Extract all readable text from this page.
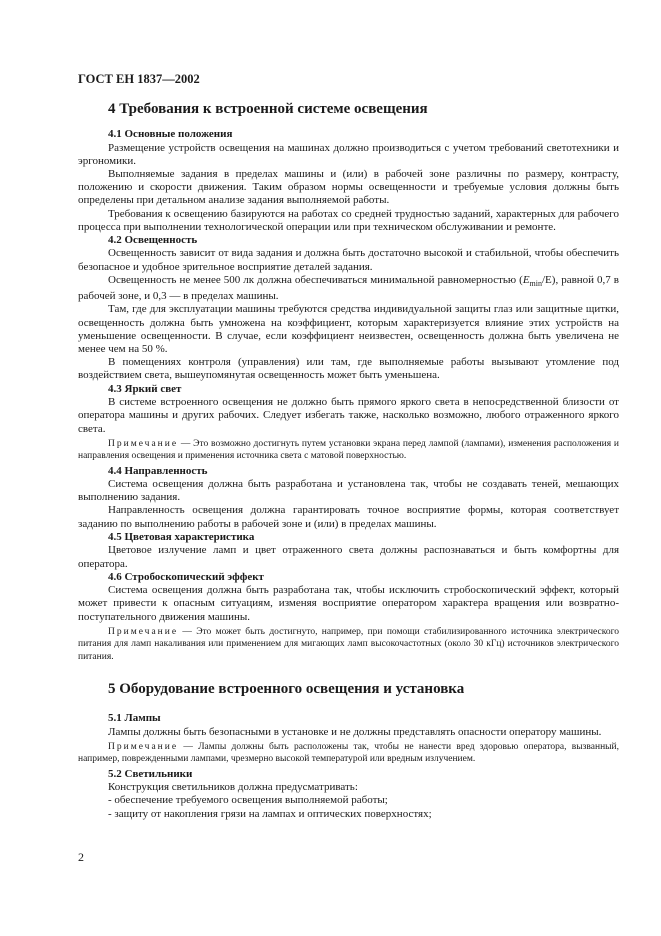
ГОСТ ЕН 1837—2002
4 Требования к встроенной системе освещения
4.1 Основные положения

Размещение устройств освещения на машинах должно производиться с учетом требований светотехники и эргономики.

Выполняемые задания в пределах машины и (или) в рабочей зоне различны по размеру, контрасту, положению и скорости движения. Таким образом нормы освещенности и требуемые условия должны быть определены при детальном анализе задания выполняемой работы.

Требования к освещению базируются на работах со средней трудностью заданий, характерных для рабочего процесса при выполнении технологической операции или при техническом обслуживании и ремонте.

4.2 Освещенность

Освещенность зависит от вида задания и должна быть достаточно высокой и стабильной, чтобы обеспечить безопасное и удобное зрительное восприятие деталей задания.

Освещенность не менее 500 лк должна обеспечиваться минимальной равномерностью $(E_{min}/E)$, равной 0,7 в рабочей зоне, и 0,3 — в пределах машины.

Там, где для эксплуатации машины требуются средства индивидуальной защиты глаз или защитные щитки, освещенность должна быть умножена на коэффициент, которым характеризуется влияние этих устройств на уменьшение освещенности. В случае, если коэффициент неизвестен, освещенность должна быть увеличена не менее чем на 50 %.

В помещениях контроля (управления) или там, где выполняемые работы вызывают утомление под воздействием света, вышеупомянутая освещенность может быть уменьшена.

4.3 Яркий свет

В системе встроенного освещения не должно быть прямого яркого света в непосредственной близости от оператора машины и других рабочих. Следует избегать также, насколько возможно, любого отраженного яркого света.

Примечание — Это возможно достигнуть путем установки экрана перед лампой (лампами), изменения расположения и направления освещения и применения источника света с матовой поверхностью.

4.4 Направленность

Система освещения должна быть разработана и установлена так, чтобы не создавать теней, мешающих выполнению задания.

Направленность освещения должна гарантировать точное восприятие формы, которая соответствует заданию по выполнению работы в рабочей зоне и (или) в пределах машины.

4.5 Цветовая характеристика

Цветовое излучение ламп и цвет отраженного света должны распознаваться и быть комфортны для оператора.

4.6 Стробоскопический эффект

Система освещения должна быть разработана так, чтобы исключить стробоскопический эффект, который может привести к опасным ситуациям, изменяя восприятие оператором характера вращения или возвратно-поступательного движения машины.

Примечание — Это может быть достигнуто, например, при помощи стабилизированного источника электрического питания для ламп накаливания или применением для мигающих ламп высокочастотных (около 30 кГц) источников электрического питания.

5 Оборудование встроенного освещения и установка
5.1 Лампы

Лампы должны быть безопасными в установке и не должны представлять опасности оператору машины.

Примечание — Лампы должны быть расположены так, чтобы не нанести вред здоровью оператора, вызванный, например, поврежденными лампами, чрезмерно высокой температурой или вредным излучением.

5.2 Светильники

Конструкция светильников должна предусматривать:

- обеспечение требуемого освещения выполняемой работы;
- защиту от накопления грязи на лампах и оптических поверхностях;
2
